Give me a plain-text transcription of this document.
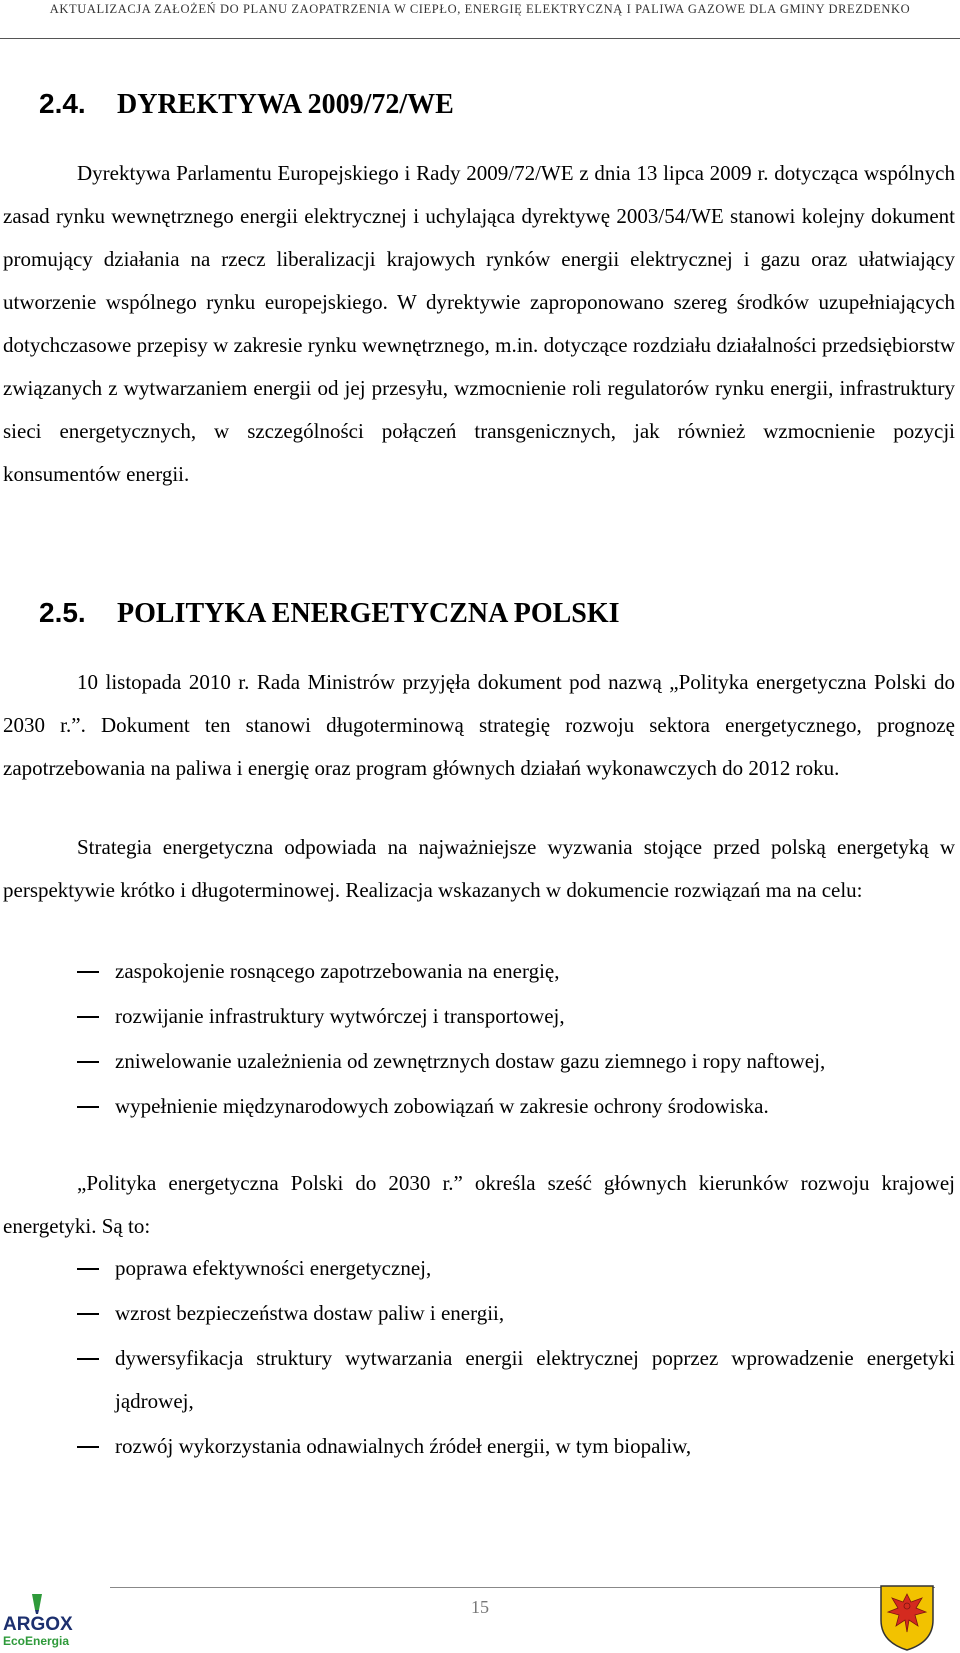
AKTUALIZACJA ZAŁOŻEŃ DO PLANU ZAOPATRZENIA W CIEPŁO, ENERGIĘ ELEKTRYCZNĄ I PALIWA GAZOWE DLA GMINY DREZDENKO
2.4. DYREKTYWA 2009/72/WE

Dyrektywa Parlamentu Europejskiego i Rady 2009/72/WE z dnia 13 lipca 2009 r. dotycząca wspólnych zasad rynku wewnętrznego energii elektrycznej i uchylająca dyrektywę 2003/54/WE stanowi kolejny dokument promujący działania na rzecz liberalizacji krajowych rynków energii elektrycznej i gazu oraz ułatwiający utworzenie wspólnego rynku europejskiego. W dyrektywie zaproponowano szereg środków uzupełniających dotychczasowe przepisy w zakresie rynku wewnętrznego, m.in. dotyczące rozdziału działalności przedsiębiorstw związanych z wytwarzaniem energii od jej przesyłu, wzmocnienie roli regulatorów rynku energii, infrastruktury sieci energetycznych, w szczególności połączeń transgenicznych, jak również wzmocnienie pozycji konsumentów energii.

2.5. POLITYKA ENERGETYCZNA POLSKI

10 listopada 2010 r. Rada Ministrów przyjęła dokument pod nazwą „Polityka energetyczna Polski do 2030 r.”. Dokument ten stanowi długoterminową strategię rozwoju sektora energetycznego, prognozę zapotrzebowania na paliwa i energię oraz program głównych działań wykonawczych do 2012 roku.

Strategia energetyczna odpowiada na najważniejsze wyzwania stojące przed polską energetyką w perspektywie krótko i długoterminowej. Realizacja wskazanych w dokumencie rozwiązań ma na celu:

zaspokojenie rosnącego zapotrzebowania na energię,
rozwijanie infrastruktury wytwórczej i transportowej,
zniwelowanie uzależnienia od zewnętrznych dostaw gazu ziemnego i ropy naftowej,
wypełnienie międzynarodowych zobowiązań w zakresie ochrony środowiska.

„Polityka energetyczna Polski do 2030 r.” określa sześć głównych kierunków rozwoju krajowej energetyki. Są to:

poprawa efektywności energetycznej,
wzrost bezpieczeństwa dostaw paliw i energii,
dywersyfikacja struktury wytwarzania energii elektrycznej poprzez wprowadzenie energetyki jądrowej,
rozwój wykorzystania odnawialnych źródeł energii, w tym biopaliw,
15
ARGOX
EcoEnergia
